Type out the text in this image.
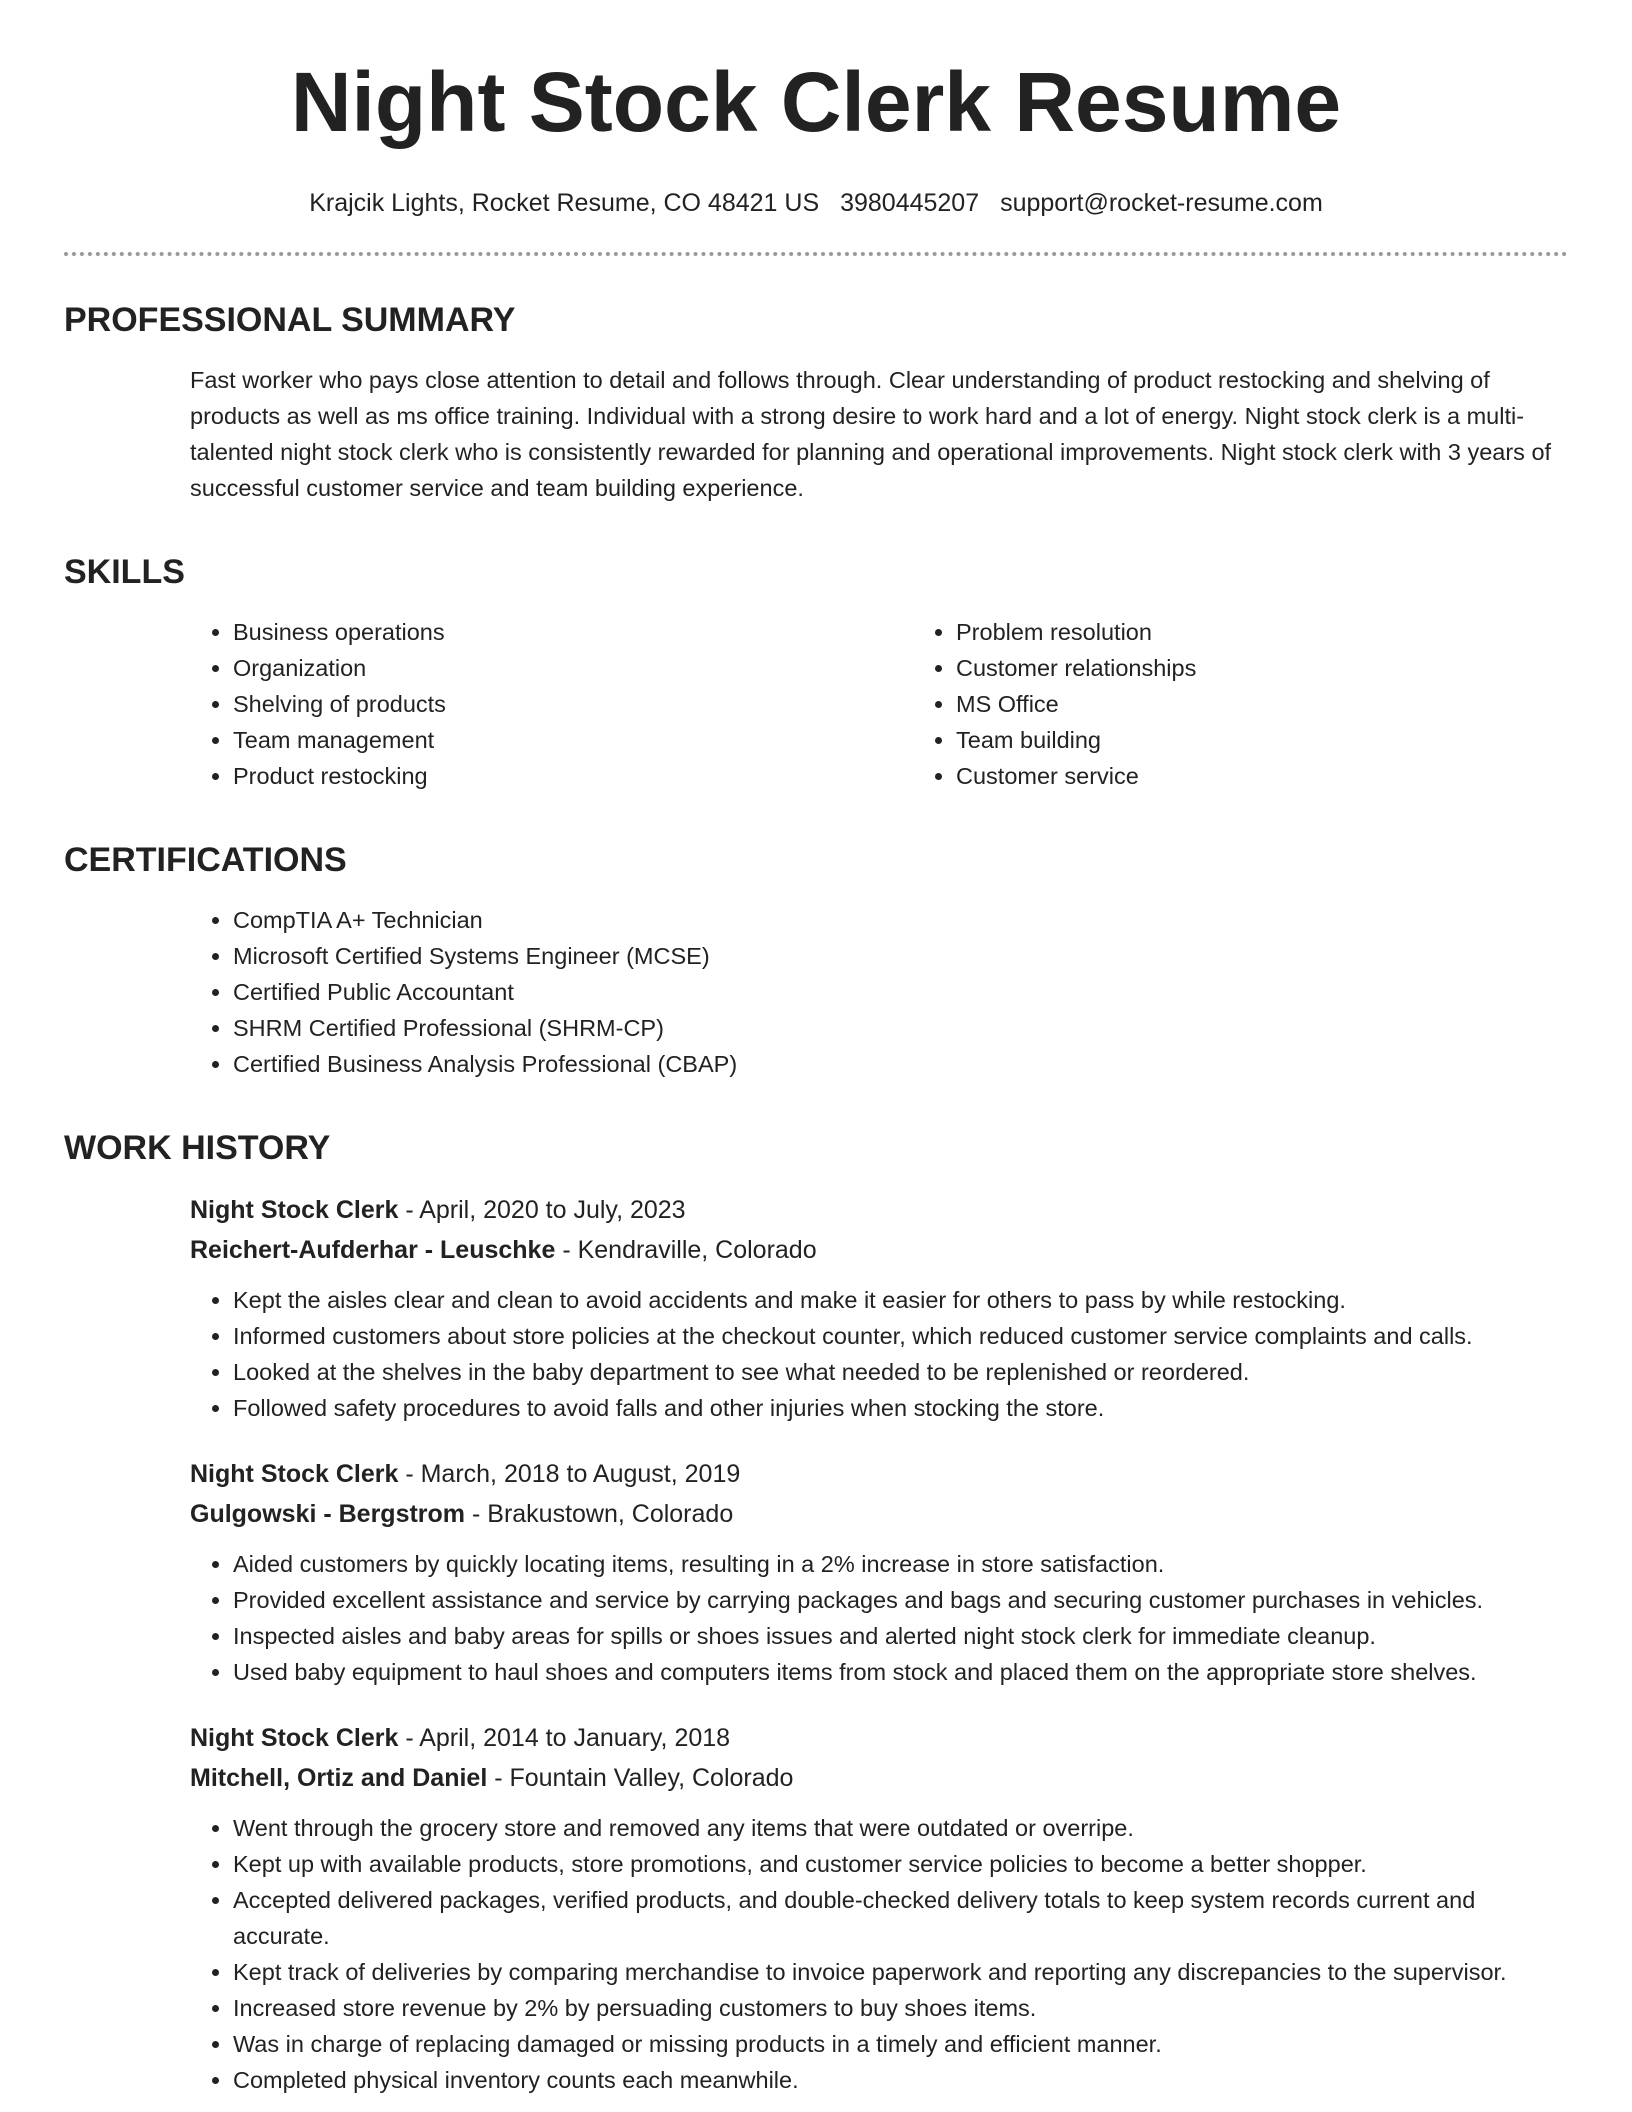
Night Stock Clerk Resume
Krajcik Lights, Rocket Resume, CO 48421 US 3980445207 support@rocket-resume.com
PROFESSIONAL SUMMARY

Fast worker who pays close attention to detail and follows through. Clear understanding of product restocking and shelving of products as well as ms office training. Individual with a strong desire to work hard and a lot of energy. Night stock clerk is a multi-talented night stock clerk who is consistently rewarded for planning and operational improvements. Night stock clerk with 3 years of successful customer service and team building experience.

SKILLS
• Business operations
• Organization
• Shelving of products
• Team management
• Product restocking
• Problem resolution
• Customer relationships
• MS Office
• Team building
• Customer service
CERTIFICATIONS
• CompTIA A+ Technician
• Microsoft Certified Systems Engineer (MCSE)
• Certified Public Accountant
• SHRM Certified Professional (SHRM-CP)
• Certified Business Analysis Professional (CBAP)
WORK HISTORY
Night Stock Clerk - April, 2020 to July, 2023
Reichert-Aufderhar - Leuschke - Kendraville, Colorado
• Kept the aisles clear and clean to avoid accidents and make it easier for others to pass by while restocking.
• Informed customers about store policies at the checkout counter, which reduced customer service complaints and calls.
• Looked at the shelves in the baby department to see what needed to be replenished or reordered.
• Followed safety procedures to avoid falls and other injuries when stocking the store.
Night Stock Clerk - March, 2018 to August, 2019
Gulgowski - Bergstrom - Brakustown, Colorado
• Aided customers by quickly locating items, resulting in a 2% increase in store satisfaction.
• Provided excellent assistance and service by carrying packages and bags and securing customer purchases in vehicles.
• Inspected aisles and baby areas for spills or shoes issues and alerted night stock clerk for immediate cleanup.
• Used baby equipment to haul shoes and computers items from stock and placed them on the appropriate store shelves.
Night Stock Clerk - April, 2014 to January, 2018
Mitchell, Ortiz and Daniel - Fountain Valley, Colorado
• Went through the grocery store and removed any items that were outdated or overripe.
• Kept up with available products, store promotions, and customer service policies to become a better shopper.
• Accepted delivered packages, verified products, and double-checked delivery totals to keep system records current and accurate.
• Kept track of deliveries by comparing merchandise to invoice paperwork and reporting any discrepancies to the supervisor.
• Increased store revenue by 2% by persuading customers to buy shoes items.
• Was in charge of replacing damaged or missing products in a timely and efficient manner.
• Completed physical inventory counts each meanwhile.
